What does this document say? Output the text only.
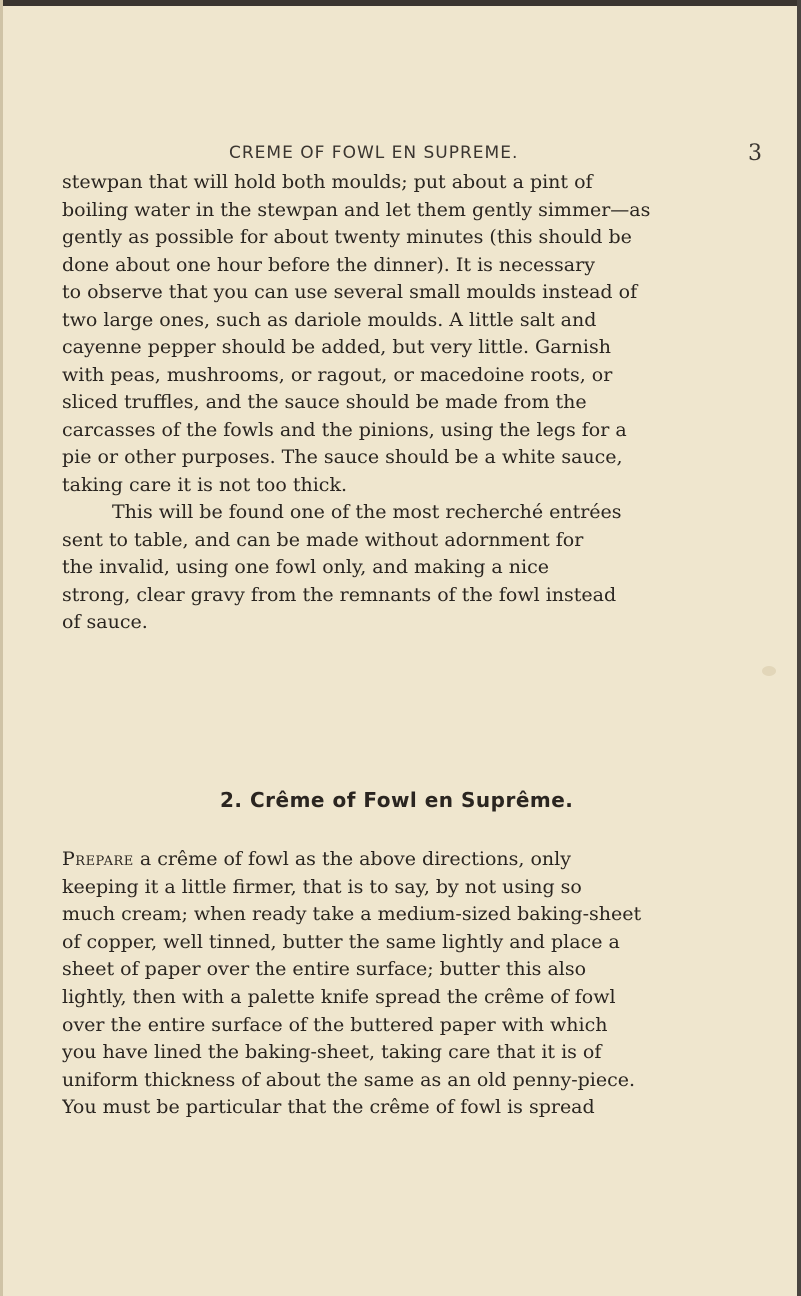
CREME OF FOWL EN SUPREME.	3
stewpan that will hold both moulds; put about a pint of
boiling water in the stewpan and let them gently simmer—as
gently as possible for about twenty minutes (this should be
done about one hour before the dinner). It is necessary
to observe that you can use several small moulds instead of
two large ones, such as dariole moulds. A little salt and
cayenne pepper should be added, but very little. Garnish
with peas, mushrooms, or ragout, or macedoine roots, or
sliced truffles, and the sauce should be made from the
carcasses of the fowls and the pinions, using the legs for a
pie or other purposes. The sauce should be a white sauce,
taking care it is not too thick.
This will be found one of the most recherché entrées
sent to table, and can be made without adornment for
the invalid, using one fowl only, and making a nice
strong, clear gravy from the remnants of the fowl instead
of sauce.
2. Crême of Fowl en Suprême.
Prepare a crême of fowl as the above directions, only
keeping it a little firmer, that is to say, by not using so
much cream; when ready take a medium-sized baking-sheet
of copper, well tinned, butter the same lightly and place a
sheet of paper over the entire surface; butter this also
lightly, then with a palette knife spread the crême of fowl
over the entire surface of the buttered paper with which
you have lined the baking-sheet, taking care that it is of
uniform thickness of about the same as an old penny-piece.
You must be particular that the crême of fowl is spread
